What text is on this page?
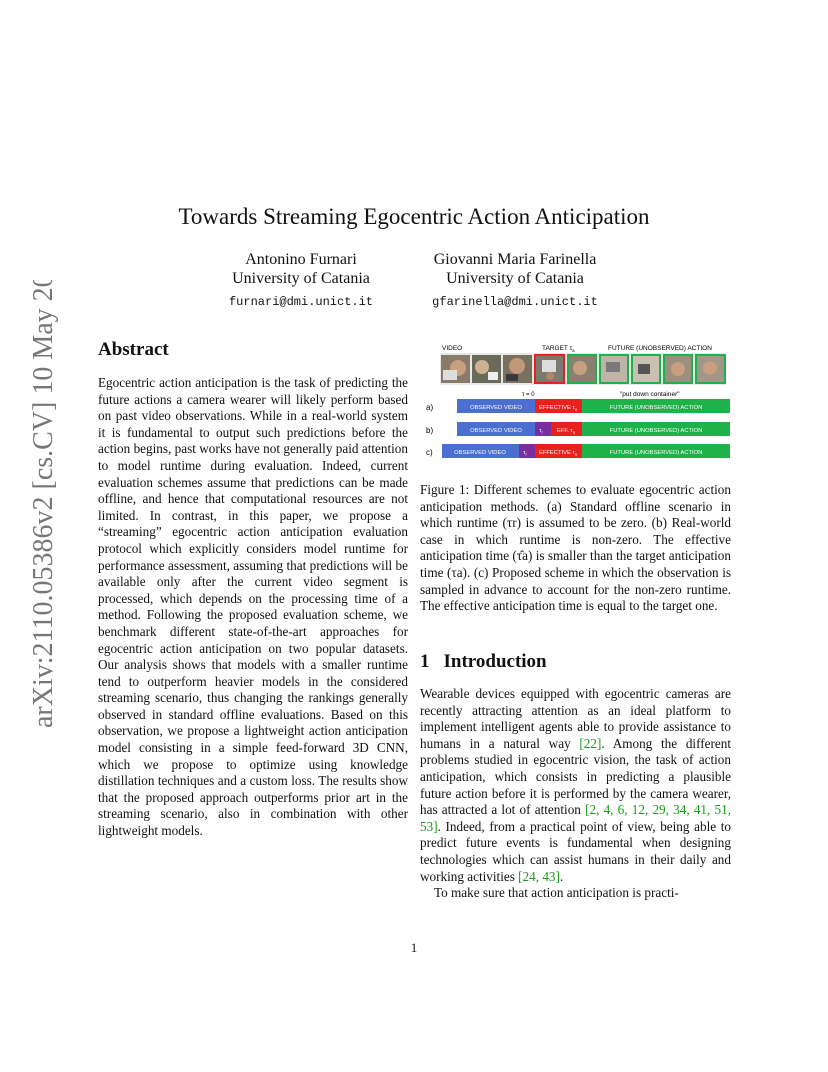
arXiv:2110.05386v2 [cs.CV] 10 May 2022
Towards Streaming Egocentric Action Anticipation
Antonino Furnari
University of Catania
furnari@dmi.unict.it
Giovanni Maria Farinella
University of Catania
gfarinella@dmi.unict.it
Abstract
Egocentric action anticipation is the task of predicting the future actions a camera wearer will likely perform based on past video observations. While in a real-world system it is fundamental to output such predictions before the action begins, past works have not generally paid attention to model runtime during evaluation. Indeed, current evaluation schemes assume that predictions can be made offline, and hence that computational resources are not limited. In contrast, in this paper, we propose a “streaming” egocentric action anticipation evaluation protocol which explicitly considers model runtime for performance assessment, assuming that predictions will be available only after the current video segment is processed, which depends on the processing time of a method. Following the proposed evaluation scheme, we benchmark different state-of-the-art approaches for egocentric action anticipation on two popular datasets. Our analysis shows that models with a smaller runtime tend to outperform heavier models in the considered streaming scenario, thus changing the rankings generally observed in standard offline evaluations. Based on this observation, we propose a lightweight action anticipation model consisting in a simple feed-forward 3D CNN, which we propose to optimize using knowledge distillation techniques and a custom loss. The results show that the proposed approach outperforms prior art in the streaming scenario, also in combination with other lightweight models.
VIDEO	TARGET $\tau_a$	FUTURE (UNOBSERVED) ACTION
τ = 0	"put down container"
a)	OBSERVED VIDEO	EFFECTIVE $\tau_a$	FUTURE (UNOBSERVED) ACTION
b)	OBSERVED VIDEO	$\tau_r$ EFF. $\tau_a$	FUTURE (UNOBSERVED) ACTION
c)	OBSERVED VIDEO	$\tau_r$ EFFECTIVE $\tau_a$	FUTURE (UNOBSERVED) ACTION
Figure 1: Different schemes to evaluate egocentric action anticipation methods. (a) Standard offline scenario in which runtime (τr) is assumed to be zero. (b) Real-world case in which runtime is non-zero. The effective anticipation time (τ̂a) is smaller than the target anticipation time (τa). (c) Proposed scheme in which the observation is sampled in advance to account for the non-zero runtime. The effective anticipation time is equal to the target one.
1 Introduction

Wearable devices equipped with egocentric cameras are recently attracting attention as an ideal platform to implement intelligent agents able to provide assistance to humans in a natural way [22]. Among the different problems studied in egocentric vision, the task of action anticipation, which consists in predicting a plausible future action before it is performed by the camera wearer, has attracted a lot of attention [2, 4, 6, 12, 29, 34, 41, 51, 53]. Indeed, from a practical point of view, being able to predict future events is fundamental when designing technologies which can assist humans in their daily and working activities [24, 43].

To make sure that action anticipation is practi-

1
